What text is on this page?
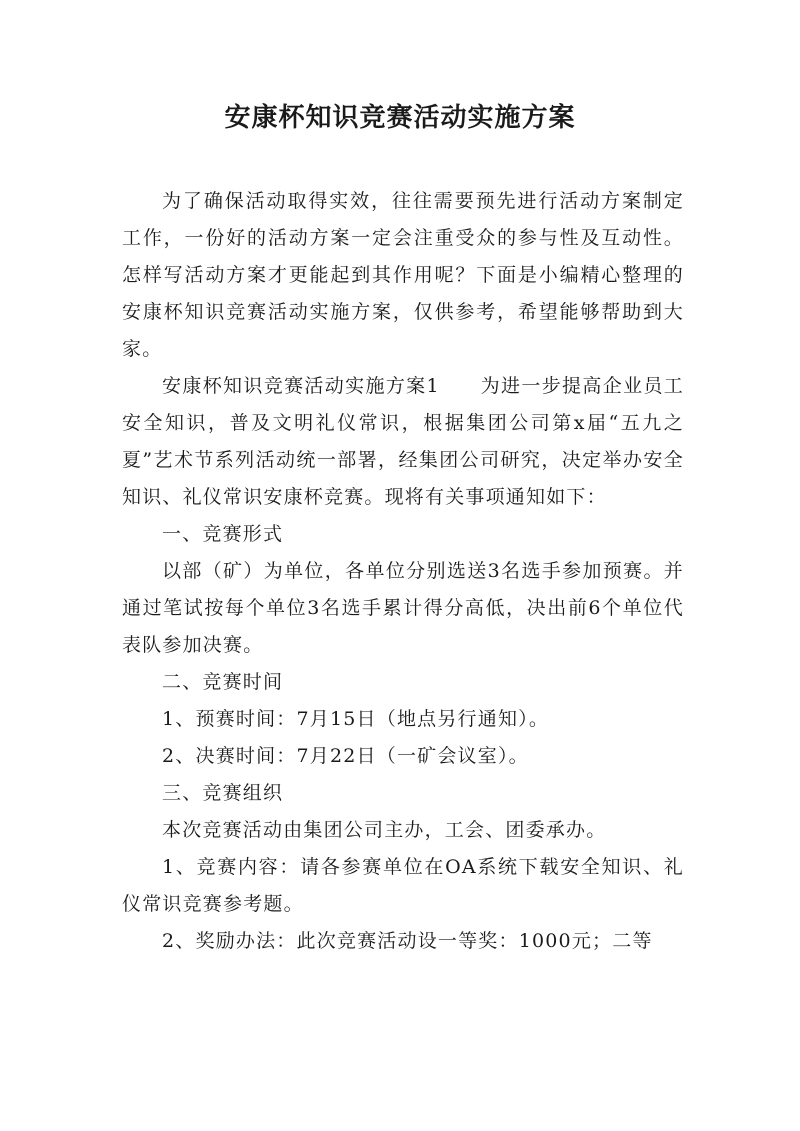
安康杯知识竞赛活动实施方案

为了确保活动取得实效，往往需要预先进行活动方案制定工作，一份好的活动方案一定会注重受众的参与性及互动性。怎样写活动方案才更能起到其作用呢？下面是小编精心整理的安康杯知识竞赛活动实施方案，仅供参考，希望能够帮助到大家。

安康杯知识竞赛活动实施方案1　　为进一步提高企业员工安全知识，普及文明礼仪常识，根据集团公司第x届“五九之夏”艺术节系列活动统一部署，经集团公司研究，决定举办安全知识、礼仪常识安康杯竞赛。现将有关事项通知如下：

一、竞赛形式

以部（矿）为单位，各单位分别选送3名选手参加预赛。并通过笔试按每个单位3名选手累计得分高低，决出前6个单位代表队参加决赛。

二、竞赛时间

1、预赛时间：7月15日（地点另行通知）。

2、决赛时间：7月22日（一矿会议室）。

三、竞赛组织

本次竞赛活动由集团公司主办，工会、团委承办。

1、竞赛内容：请各参赛单位在OA系统下载安全知识、礼仪常识竞赛参考题。

2、奖励办法：此次竞赛活动设一等奖：1000元；二等
